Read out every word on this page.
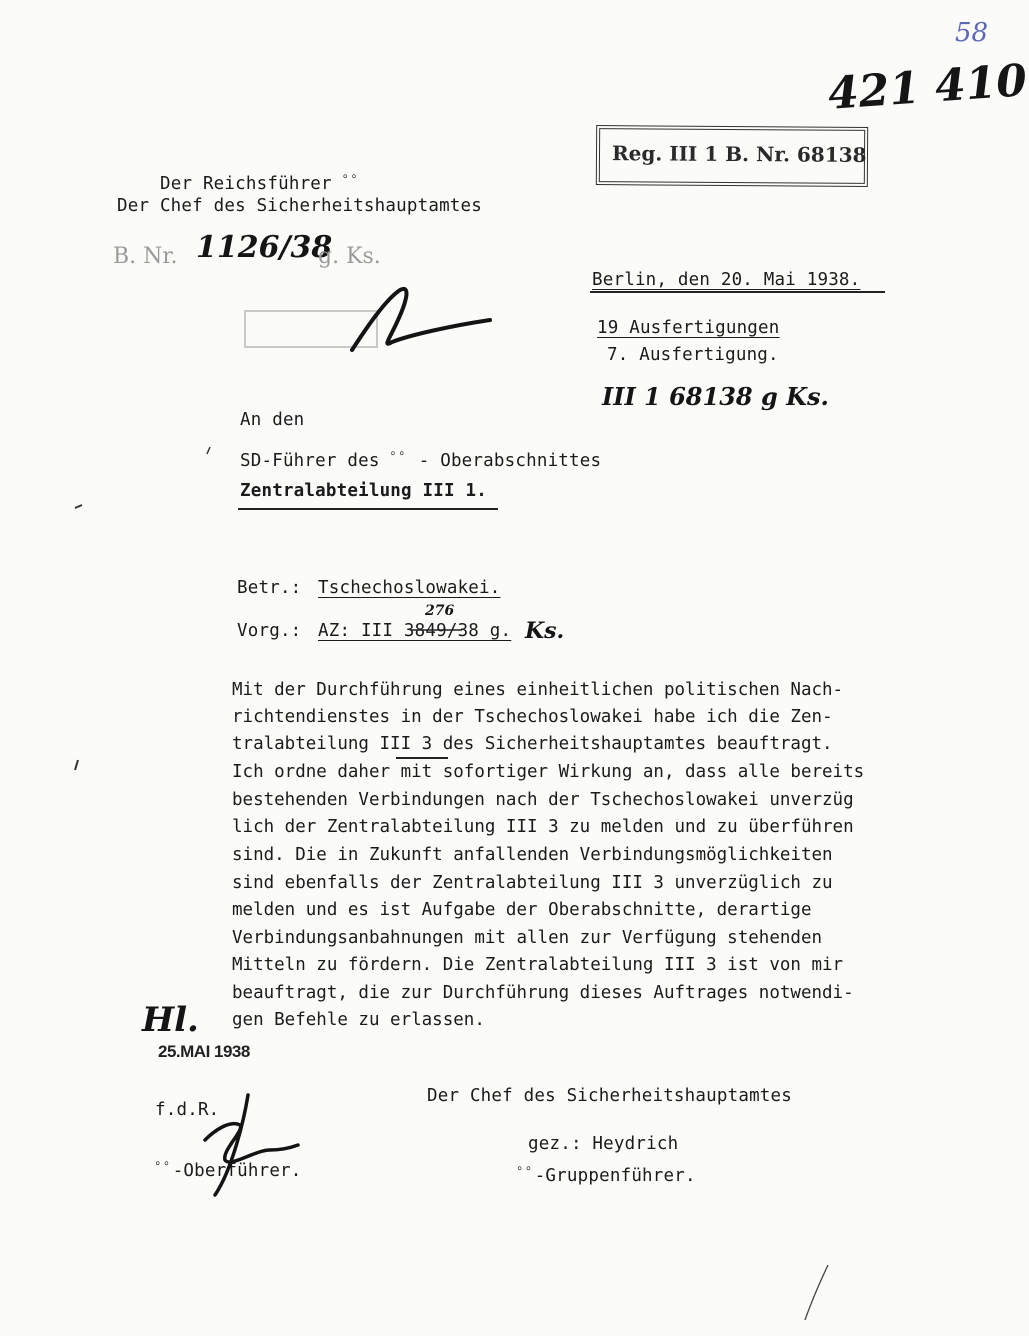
58
421 410
Der Reichsführer ﾟﾟ
Der Chef des Sicherheitshauptamtes
Reg. III 1 B. Nr. 68138
B. Nr. 1126/38
g. Ks.
Berlin, den 20. Mai 1938.
19 Ausfertigungen
7. Ausfertigung.
III 1 68138 g Ks.
An den
SD-Führer des ﾟﾟ - Oberabschnittes
Zentralabteilung III 1.
Betr.: Tschechoslowakei.
Vorg.: AZ: III 3849/38 g.
276
Ks.
Mit der Durchführung eines einheitlichen politischen Nach-
richtendienstes in der Tschechoslowakei habe ich die Zen-
tralabteilung III 3 des Sicherheitshauptamtes beauftragt.
Ich ordne daher mit sofortiger Wirkung an, dass alle bereits
bestehenden Verbindungen nach der Tschechoslowakei unverzüg
lich der Zentralabteilung III 3 zu melden und zu überführen
sind. Die in Zukunft anfallenden Verbindungsmöglichkeiten
sind ebenfalls der Zentralabteilung III 3 unverzüglich zu
melden und es ist Aufgabe der Oberabschnitte, derartige
Verbindungsanbahnungen mit allen zur Verfügung stehenden
Mitteln zu fördern. Die Zentralabteilung III 3 ist von mir
beauftragt, die zur Durchführung dieses Auftrages notwendi-
gen Befehle zu erlassen.
Hl.
25.MAI 1938
Der Chef des Sicherheitshauptamtes
gez.: Heydrich
ﾟﾟ-Gruppenführer.
f.d.R.
ﾟﾟ-Oberführer.
